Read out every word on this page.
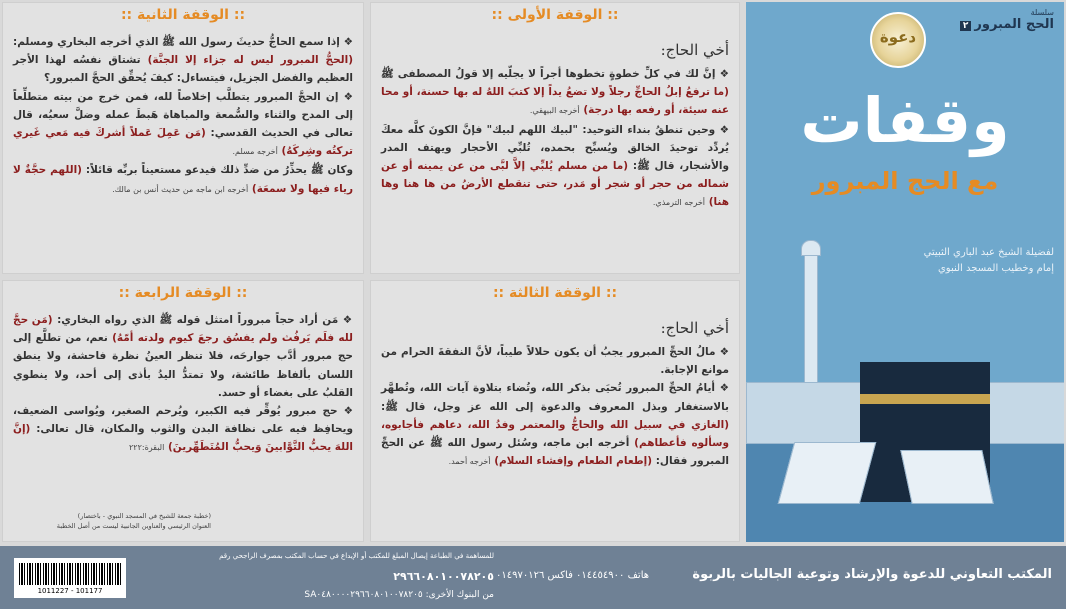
:: الوقفة الثانية ::
❖ إذا سمع الحاجُّ حديثَ رسول الله ﷺ الذي أخرجه البخاري ومسلم: (الحجُّ المبرور ليس له جزاء إلا الجنَّة) تشتاق نفسُه لهذا الأجر العظيم والفضل الجزيل، فيتساءل: كيفَ يُحقِّق الحجَّ المبرور؟
❖ إن الحجَّ المبرور يتطلَّب إخلاصاً لله، فمن خرج من بيته متطلِّعاً إلى المدح والثناء والسُّمعة والمباهاة هَبطَ عمله وضلَّ سعيُه، قال تعالى في الحديث القدسي: (مَن عَمِلَ عَملاً أشركَ فيه مَعي غَيري تركتُه وشِركَهُ) أخرجه مسلم.
وكان ﷺ يحذِّرُ من ضدِّ ذلك فيدعو مستعيناً بربِّه قائلاً: (اللهم حجَّةٌ لا رياء فيها ولا سمعَة) أخرجه ابن ماجه من حديث أنس بن مالك.
:: الوقفة الأولى ::
أخي الحاج:
❖ إنَّ لك في كلِّ خطوةٍ تخطوها أجراً لا يجلّيه إلا قولُ المصطفى ﷺ (ما ترفعُ إبلُ الحاجِّ رجلاً ولا تضعُ يداً إلا كتبَ اللهُ له بها حسنة، أو محا عنه سيئة، أو رفعه بها درجة) أخرجه البيهقي.
❖ وحين تنطقُ بنداء التوحيد: "لبيك اللهم لبيك" فإنَّ الكونَ كلَّه معكَ يُردِّد توحيدَ الخالق ويُسبِّح بحمده، تُلبِّي الأحجار ويهتف المدر والأشجار، قال ﷺ: (ما من مسلم يُلبِّي إلاَّ لبَّى من عن يمينه أو عن شماله من حجر أو شجر أو مَدر، حتى تنقطع الأرضُ من ها هنا وها هنا) أخرجه الترمذي.
:: الوقفة الرابعة ::
❖ مَن أراد حجاً مبروراً امتثل قوله ﷺ الذي رواه البخاري: (مَن حجَّ لله فلَم يَرفُث ولم يفسُق رجعَ كيوم ولدته أمّهُ) نعم، من تطلَّع إلى حج مبرور أدَّب جوارحَه، فلا تنظر العينُ نظرة فاحشة، ولا ينطق اللسان بألفاظ طائشة، ولا تمتدُّ اليدُ بأذى إلى أحد، ولا ينطوي القلبُ على بغضاء أو حسد.
❖ حج مبرور يُوقِّر فيه الكبير، ويُرحم الصغير، ويُواسى الضعيف، ويحافِظ فيه على نظافة البدن والثوب والمكان، قال تعالى: (إنَّ اللهَ يحبُّ التَّوَّابينَ وَيحبُّ المُتَطَهِّرينَ) البقرة:٢٢٢
(خطبة جمعة للشيخ في المسجد النبوي - باختصار)
العنوان الرئيسي والعناوين الجانبية ليست من أصل الخطبة
:: الوقفة الثالثة ::
أخي الحاج:
❖ مالُ الحجِّ المبرور يجبُ أن يكون حلالاً طيباً، لأنَّ النفقةَ الحرام من موانع الإجابة.
❖ أيامُ الحجِّ المبرور تُحيَى بذكر الله، وتُضاء بتلاوة آيات الله، وتُطهَّر بالاستغفار وبذل المعروف والدعوة إلى الله عز وجل، قال ﷺ: (الغازي في سبيل الله والحاجُّ والمعتمر وفدُ الله، دعاهم فأجابوه، وسألوه فأعطاهم) أخرجه ابن ماجه، وسُئل رسول الله ﷺ عن الحجِّ المبرور فقال: (إطعام الطعام وإفشاء السلام) أخرجه أحمد.
سلسلة
الحج المبرور٢
دعوة
وقفات
مع الحج المبرور
لفضيلة الشيخ عبد الباري الثبيتي
إمام وخطيب المسجد النبوي
المكتب التعاوني للدعوة والإرشاد وتوعية الجاليات بالربوة
هاتف ٠١٤٤٥٤٩٠٠ فاكس ٠١٤٩٧٠١٢٦
للمساهمة في الطباعة إيصال المبلغ للمكتب أو الإيداع في حساب المكتب بمصرف الراجحي رقم
٢٩٦٦٠٨٠١٠٠٧٨٢٠٥
من البنوك الأخرى: SA٠٤٨٠٠٠٠٢٩٦٦٠٨٠١٠٠٧٨٢٠٥
1011227 - 101177
